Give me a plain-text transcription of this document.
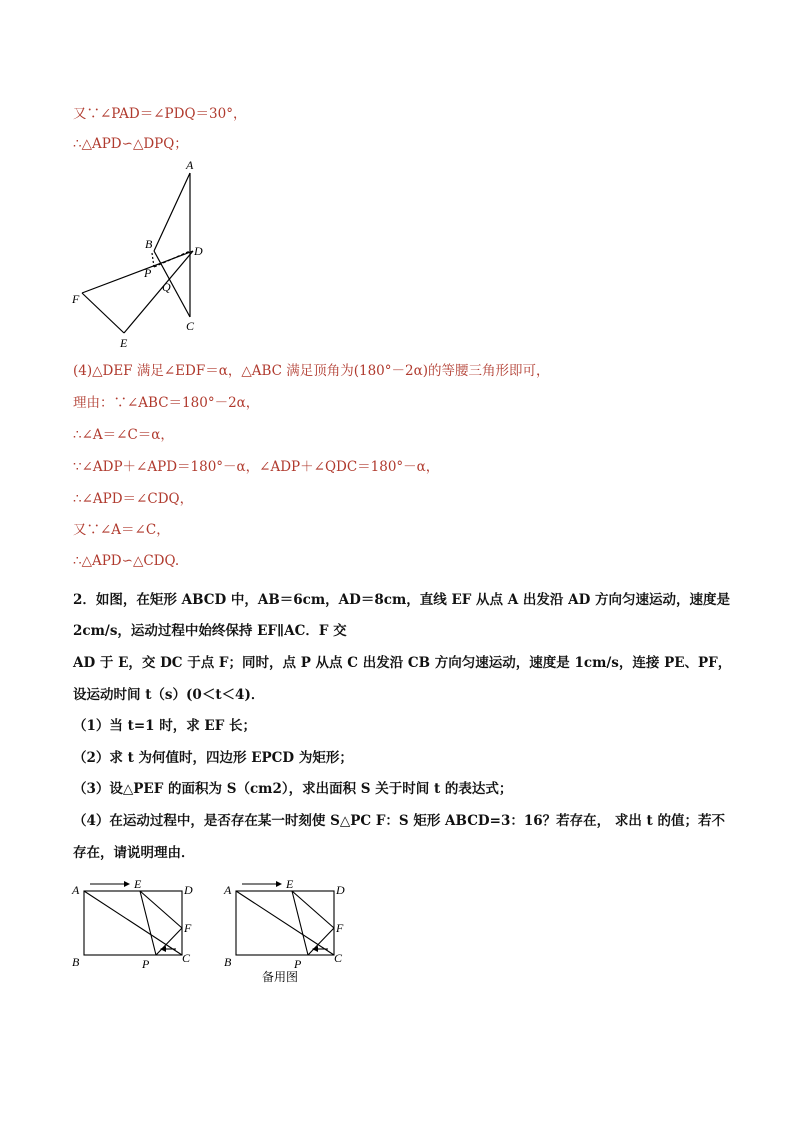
又∵∠PAD＝∠PDQ＝30°，
∴△APD∽△DPQ；
A
B	D
P
Q
F
C
E
(4)△DEF 满足∠EDF＝α，△ABC 满足顶角为(180°－2α)的等腰三角形即可，
理由：∵∠ABC＝180°－2α，
∴∠A＝∠C＝α，
∵∠ADP＋∠APD＝180°－α，∠ADP＋∠QDC＝180°－α，
∴∠APD＝∠CDQ，
又∵∠A＝∠C，
∴△APD∽△CDQ.
2．如图，在矩形 ABCD 中，AB＝6cm，AD＝8cm，直线 EF 从点 A 出发沿 AD 方向匀速运动，速度是
2cm/s，运动过程中始终保持 EF∥AC．F 交
AD 于 E，交 DC 于点 F；同时，点 P 从点 C 出发沿 CB 方向匀速运动，速度是 1cm/s，连接 PE、PF，
设运动时间 t（s）(0＜t＜4)．
（1）当 t=1 时，求 EF 长；
（2）求 t 为何值时，四边形 EPCD 为矩形；
（3）设△PEF 的面积为 S（cm2），求出面积 S 关于时间 t 的表达式；
（4）在运动过程中，是否存在某一时刻使 S△PC F：S 矩形 ABCD=3：16？若存在， 求出 t 的值；若不
存在，请说明理由．
A	E	D
F
B	P	C
A	E	D
F
B	P	C
备用图
